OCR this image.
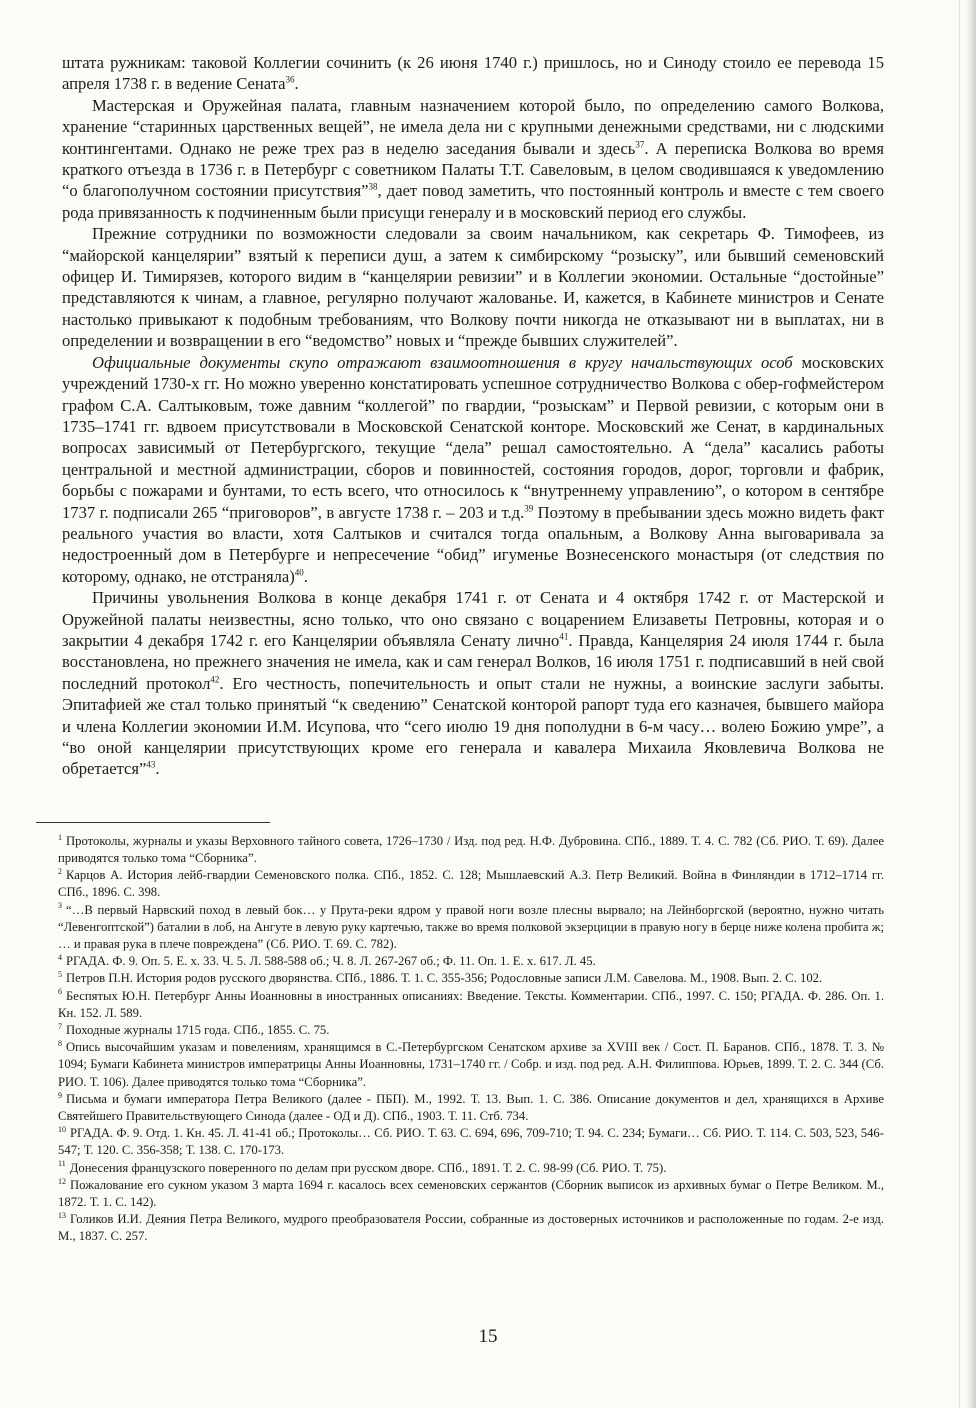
штата ружникам: таковой Коллегии сочинить (к 26 июня 1740 г.) пришлось, но и Синоду стоило ее перевода 15 апреля 1738 г. в ведение Сената$^{36}$.

Мастерская и Оружейная палата, главным назначением которой было, по определению самого Волкова, хранение “старинных царственных вещей”, не имела дела ни с крупными денежными средствами, ни с людскими контингентами. Однако не реже трех раз в неделю заседания бывали и здесь$^{37}$. А переписка Волкова во время краткого отъезда в 1736 г. в Петербург с советником Палаты Т.Т. Савеловым, в целом сводившаяся к уведомлению “о благополучном состоянии присутствия”$^{38}$, дает повод заметить, что постоянный контроль и вместе с тем своего рода привязанность к подчиненным были присущи генералу и в московский период его службы.

Прежние сотрудники по возможности следовали за своим начальником, как секретарь Ф. Тимофеев, из “майорской канцелярии” взятый к переписи душ, а затем к симбирскому “розыску”, или бывший семеновский офицер И. Тимирязев, которого видим в “канцелярии ревизии” и в Коллегии экономии. Остальные “достойные” представляются к чинам, а главное, регулярно получают жалованье. И, кажется, в Кабинете министров и Сенате настолько привыкают к подобным требованиям, что Волкову почти никогда не отказывают ни в выплатах, ни в определении и возвращении в его “ведомство” новых и “прежде бывших служителей”.

Официальные документы скупо отражают взаимоотношения в кругу начальствующих особ московских учреждений 1730-х гг. Но можно уверенно констатировать успешное сотрудничество Волкова с обер-гофмейстером графом С.А. Салтыковым, тоже давним “коллегой” по гвардии, “розыскам” и Первой ревизии, с которым они в 1735–1741 гг. вдвоем присутствовали в Московской Сенатской конторе. Московский же Сенат, в кардинальных вопросах зависимый от Петербургского, текущие “дела” решал самостоятельно. А “дела” касались работы центральной и местной администрации, сборов и повинностей, состояния городов, дорог, торговли и фабрик, борьбы с пожарами и бунтами, то есть всего, что относилось к “внутреннему управлению”, о котором в сентябре 1737 г. подписали 265 “приговоров”, в августе 1738 г. – 203 и т.д.$^{39}$ Поэтому в пребывании здесь можно видеть факт реального участия во власти, хотя Салтыков и считался тогда опальным, а Волкову Анна выговаривала за недостроенный дом в Петербурге и непресечение “обид” игуменье Вознесенского монастыря (от следствия по которому, однако, не отстраняла)$^{40}$.

Причины увольнения Волкова в конце декабря 1741 г. от Сената и 4 октября 1742 г. от Мастерской и Оружейной палаты неизвестны, ясно только, что оно связано с воцарением Елизаветы Петровны, которая и о закрытии 4 декабря 1742 г. его Канцелярии объявляла Сенату лично$^{41}$. Правда, Канцелярия 24 июля 1744 г. была восстановлена, но прежнего значения не имела, как и сам генерал Волков, 16 июля 1751 г. подписавший в ней свой последний протокол$^{42}$. Его честность, попечительность и опыт стали не нужны, а воинские заслуги забыты. Эпитафией же стал только принятый “к сведению” Сенатской конторой рапорт туда его казначея, бывшего майора и члена Коллегии экономии И.М. Исупова, что “сего июлю 19 дня пополудни в 6-м часу… волею Божию умре”, а “во оной канцелярии присутствующих кроме его генерала и кавалера Михаила Яковлевича Волкова не обретается”$^{43}$.

$^1$ Протоколы, журналы и указы Верховного тайного совета, 1726–1730 / Изд. под ред. Н.Ф. Дубровина. СПб., 1889. Т. 4. С. 782 (Сб. РИО. Т. 69). Далее приводятся только тома “Сборника”.

$^2$ Карцов А. История лейб-гвардии Семеновского полка. СПб., 1852. С. 128; Мышлаевский А.З. Петр Великий. Война в Финляндии в 1712–1714 гг. СПб., 1896. С. 398.

$^3$ “…В первый Нарвский поход в левый бок… у Прута-реки ядром у правой ноги возле плесны вырвало; на Лейнборгской (вероятно, нужно читать “Левенгоптской”) баталии в лоб, на Ангуте в левую руку картечью, также во время полковой экзерциции в правую ногу в берце ниже колена пробита ж; … и правая рука в плече повреждена” (Сб. РИО. Т. 69. С. 782).

$^4$ РГАДА. Ф. 9. Оп. 5. Е. х. 33. Ч. 5. Л. 588-588 об.; Ч. 8. Л. 267-267 об.; Ф. 11. Оп. 1. Е. х. 617. Л. 45.

$^5$ Петров П.Н. История родов русского дворянства. СПб., 1886. Т. 1. С. 355-356; Родословные записи Л.М. Савелова. М., 1908. Вып. 2. С. 102.

$^6$ Беспятых Ю.Н. Петербург Анны Иоанновны в иностранных описаниях: Введение. Тексты. Комментарии. СПб., 1997. С. 150; РГАДА. Ф. 286. Оп. 1. Кн. 152. Л. 589.

$^7$ Походные журналы 1715 года. СПб., 1855. С. 75.

$^8$ Опись высочайшим указам и повелениям, хранящимся в С.-Петербургском Сенатском архиве за XVIII век / Сост. П. Баранов. СПб., 1878. Т. 3. № 1094; Бумаги Кабинета министров императрицы Анны Иоанновны, 1731–1740 гг. / Собр. и изд. под ред. А.Н. Филиппова. Юрьев, 1899. Т. 2. С. 344 (Сб. РИО. Т. 106). Далее приводятся только тома “Сборника”.

$^9$ Письма и бумаги императора Петра Великого (далее - ПБП). М., 1992. Т. 13. Вып. 1. С. 386. Описание документов и дел, хранящихся в Архиве Святейшего Правительствующего Синода (далее - ОД и Д). СПб., 1903. Т. 11. Стб. 734.

$^{10}$ РГАДА. Ф. 9. Отд. 1. Кн. 45. Л. 41-41 об.; Протоколы… Сб. РИО. Т. 63. С. 694, 696, 709-710; Т. 94. С. 234; Бумаги… Сб. РИО. Т. 114. С. 503, 523, 546-547; Т. 120. С. 356-358; Т. 138. С. 170-173.

$^{11}$ Донесения французского поверенного по делам при русском дворе. СПб., 1891. Т. 2. С. 98-99 (Сб. РИО. Т. 75).

$^{12}$ Пожалование его сукном указом 3 марта 1694 г. касалось всех семеновских сержантов (Сборник выписок из архивных бумаг о Петре Великом. М., 1872. Т. 1. С. 142).

$^{13}$ Голиков И.И. Деяния Петра Великого, мудрого преобразователя России, собранные из достоверных источников и расположенные по годам. 2-е изд. М., 1837. С. 257.

15
